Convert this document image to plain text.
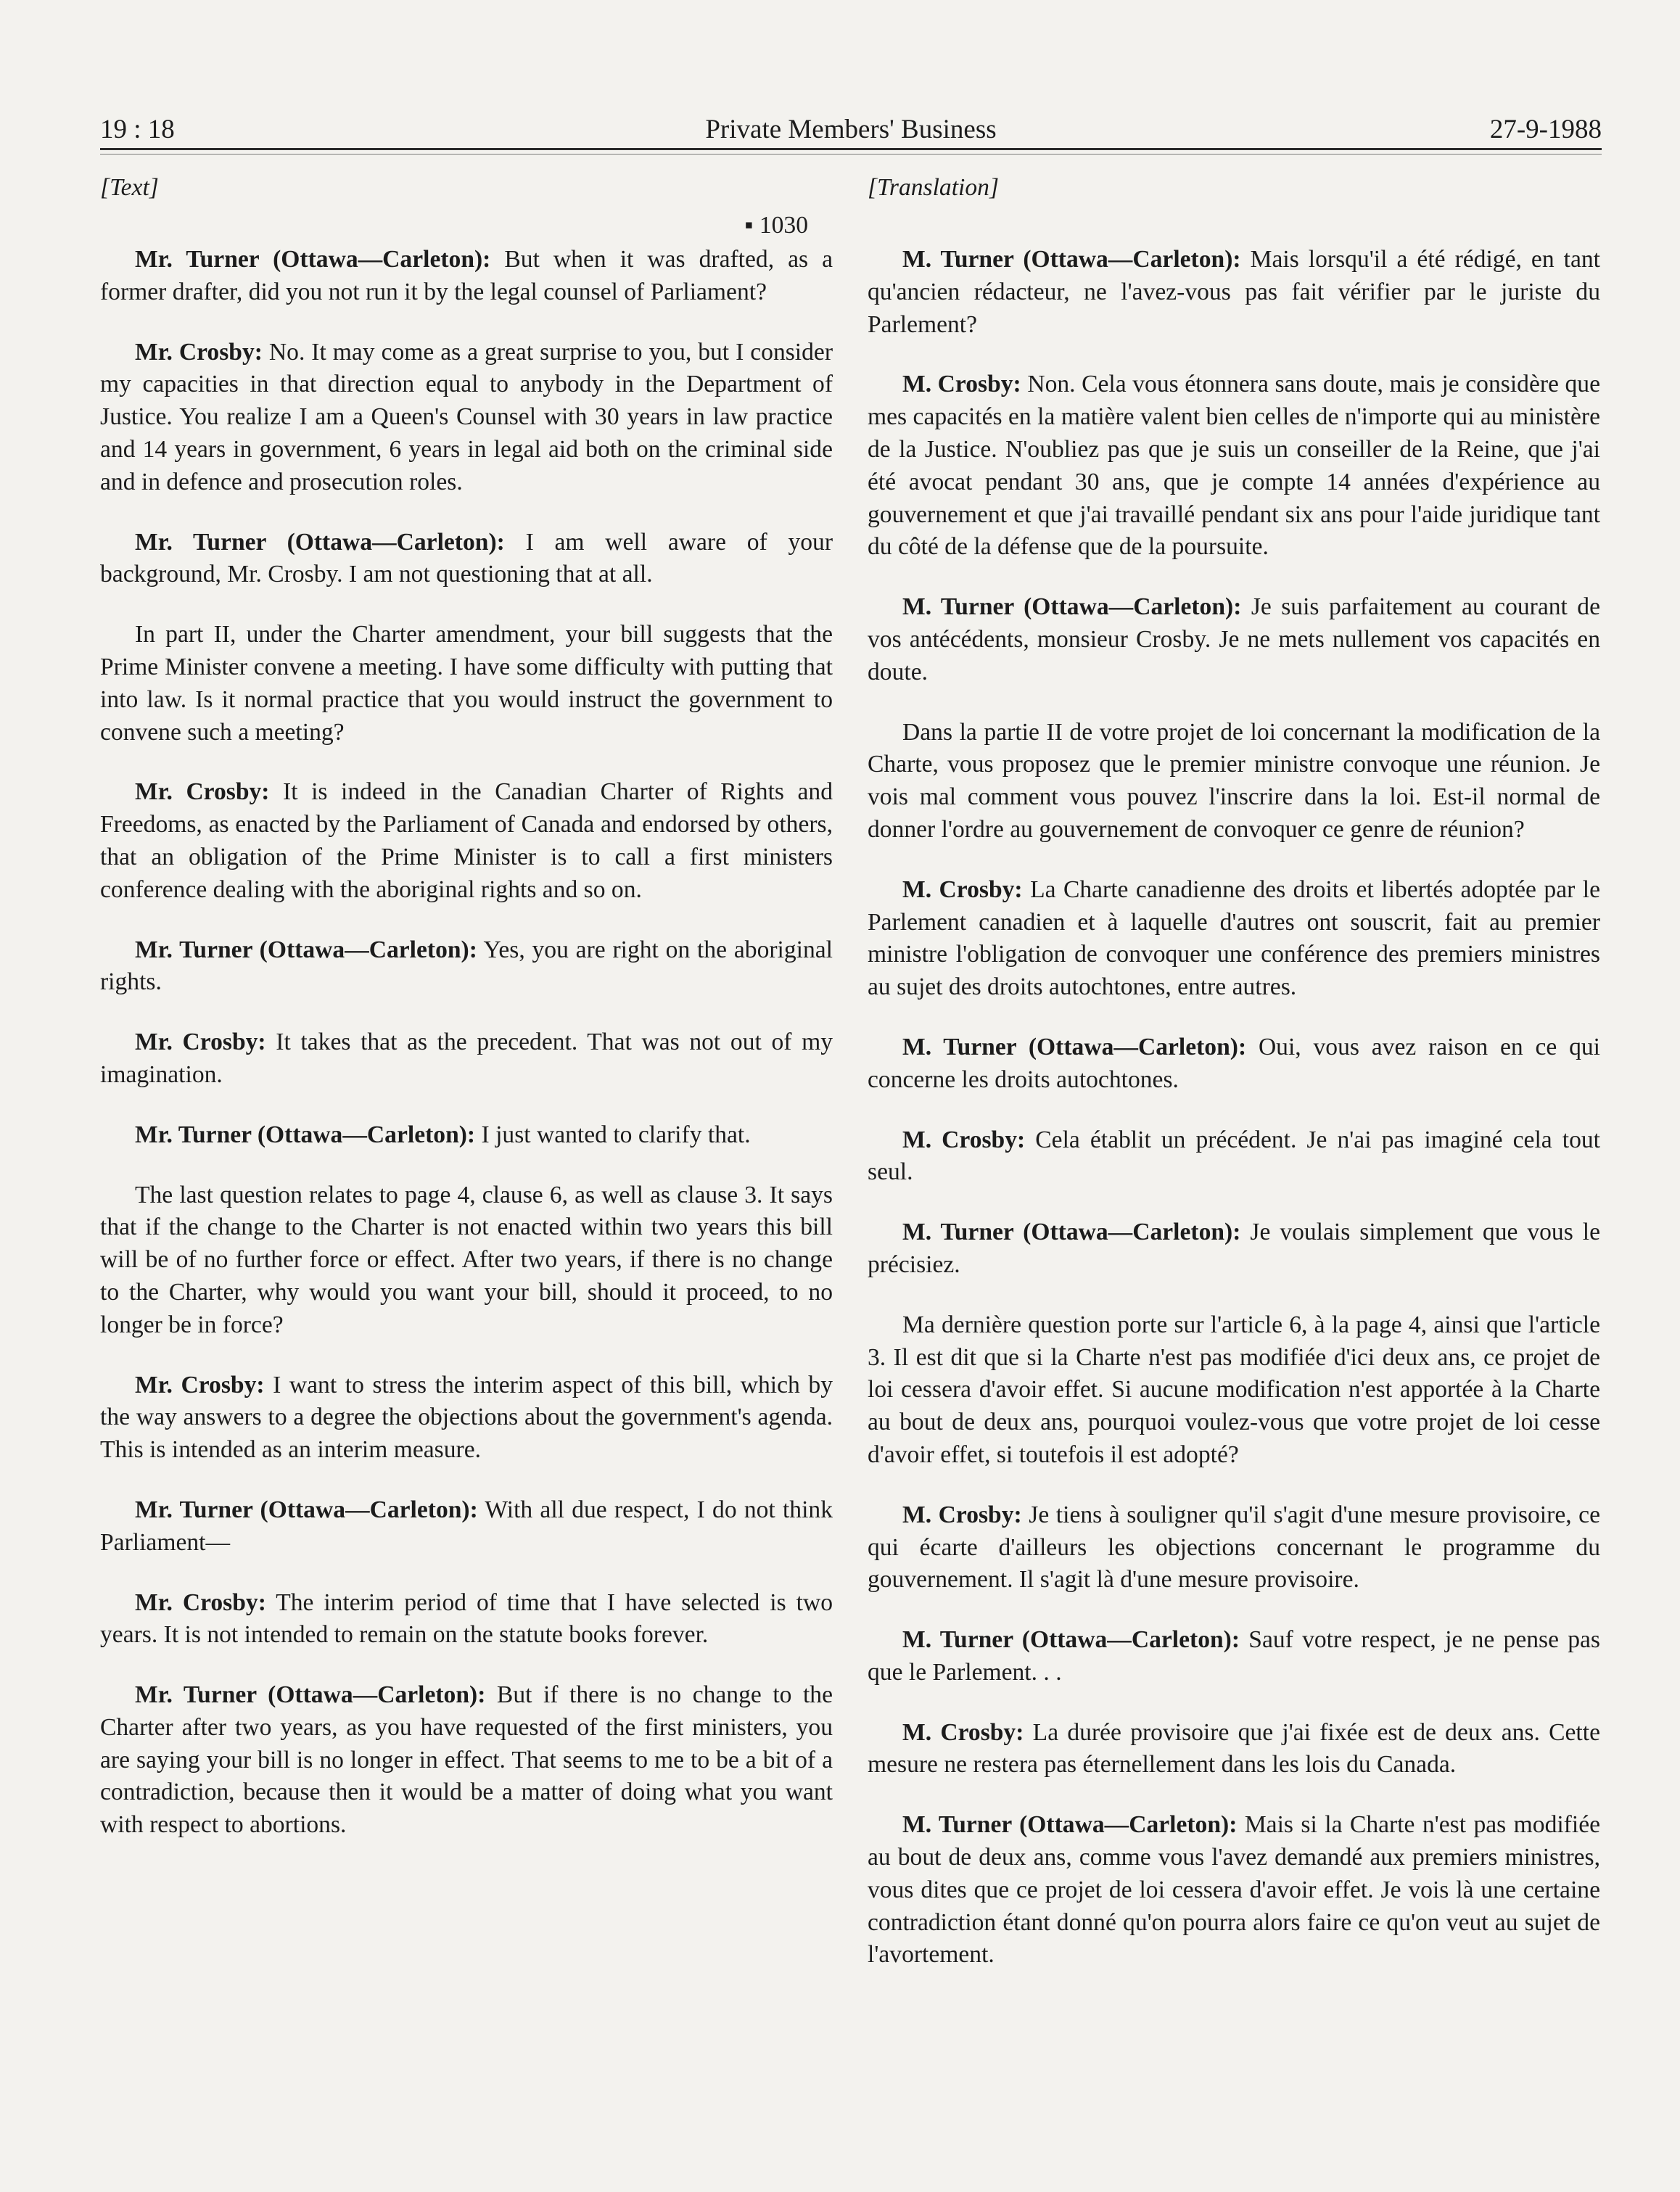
19 : 18	Private Members' Business	27-9-1988

[Text]

▪ 1030

Mr. Turner (Ottawa—Carleton): But when it was drafted, as a former drafter, did you not run it by the legal counsel of Parliament?

Mr. Crosby: No. It may come as a great surprise to you, but I consider my capacities in that direction equal to anybody in the Department of Justice. You realize I am a Queen's Counsel with 30 years in law practice and 14 years in government, 6 years in legal aid both on the criminal side and in defence and prosecution roles.

Mr. Turner (Ottawa—Carleton): I am well aware of your background, Mr. Crosby. I am not questioning that at all.

In part II, under the Charter amendment, your bill suggests that the Prime Minister convene a meeting. I have some difficulty with putting that into law. Is it normal practice that you would instruct the government to convene such a meeting?

Mr. Crosby: It is indeed in the Canadian Charter of Rights and Freedoms, as enacted by the Parliament of Canada and endorsed by others, that an obligation of the Prime Minister is to call a first ministers conference dealing with the aboriginal rights and so on.

Mr. Turner (Ottawa—Carleton): Yes, you are right on the aboriginal rights.

Mr. Crosby: It takes that as the precedent. That was not out of my imagination.

Mr. Turner (Ottawa—Carleton): I just wanted to clarify that.

The last question relates to page 4, clause 6, as well as clause 3. It says that if the change to the Charter is not enacted within two years this bill will be of no further force or effect. After two years, if there is no change to the Charter, why would you want your bill, should it proceed, to no longer be in force?

Mr. Crosby: I want to stress the interim aspect of this bill, which by the way answers to a degree the objections about the government's agenda. This is intended as an interim measure.

Mr. Turner (Ottawa—Carleton): With all due respect, I do not think Parliament—

Mr. Crosby: The interim period of time that I have selected is two years. It is not intended to remain on the statute books forever.

Mr. Turner (Ottawa—Carleton): But if there is no change to the Charter after two years, as you have requested of the first ministers, you are saying your bill is no longer in effect. That seems to me to be a bit of a contradiction, because then it would be a matter of doing what you want with respect to abortions.

[Translation]

M. Turner (Ottawa—Carleton): Mais lorsqu'il a été rédigé, en tant qu'ancien rédacteur, ne l'avez-vous pas fait vérifier par le juriste du Parlement?

M. Crosby: Non. Cela vous étonnera sans doute, mais je considère que mes capacités en la matière valent bien celles de n'importe qui au ministère de la Justice. N'oubliez pas que je suis un conseiller de la Reine, que j'ai été avocat pendant 30 ans, que je compte 14 années d'expérience au gouvernement et que j'ai travaillé pendant six ans pour l'aide juridique tant du côté de la défense que de la poursuite.

M. Turner (Ottawa—Carleton): Je suis parfaitement au courant de vos antécédents, monsieur Crosby. Je ne mets nullement vos capacités en doute.

Dans la partie II de votre projet de loi concernant la modification de la Charte, vous proposez que le premier ministre convoque une réunion. Je vois mal comment vous pouvez l'inscrire dans la loi. Est-il normal de donner l'ordre au gouvernement de convoquer ce genre de réunion?

M. Crosby: La Charte canadienne des droits et libertés adoptée par le Parlement canadien et à laquelle d'autres ont souscrit, fait au premier ministre l'obligation de convoquer une conférence des premiers ministres au sujet des droits autochtones, entre autres.

M. Turner (Ottawa—Carleton): Oui, vous avez raison en ce qui concerne les droits autochtones.

M. Crosby: Cela établit un précédent. Je n'ai pas imaginé cela tout seul.

M. Turner (Ottawa—Carleton): Je voulais simplement que vous le précisiez.

Ma dernière question porte sur l'article 6, à la page 4, ainsi que l'article 3. Il est dit que si la Charte n'est pas modifiée d'ici deux ans, ce projet de loi cessera d'avoir effet. Si aucune modification n'est apportée à la Charte au bout de deux ans, pourquoi voulez-vous que votre projet de loi cesse d'avoir effet, si toutefois il est adopté?

M. Crosby: Je tiens à souligner qu'il s'agit d'une mesure provisoire, ce qui écarte d'ailleurs les objections concernant le programme du gouvernement. Il s'agit là d'une mesure provisoire.

M. Turner (Ottawa—Carleton): Sauf votre respect, je ne pense pas que le Parlement. . .

M. Crosby: La durée provisoire que j'ai fixée est de deux ans. Cette mesure ne restera pas éternellement dans les lois du Canada.

M. Turner (Ottawa—Carleton): Mais si la Charte n'est pas modifiée au bout de deux ans, comme vous l'avez demandé aux premiers ministres, vous dites que ce projet de loi cessera d'avoir effet. Je vois là une certaine contradiction étant donné qu'on pourra alors faire ce qu'on veut au sujet de l'avortement.
